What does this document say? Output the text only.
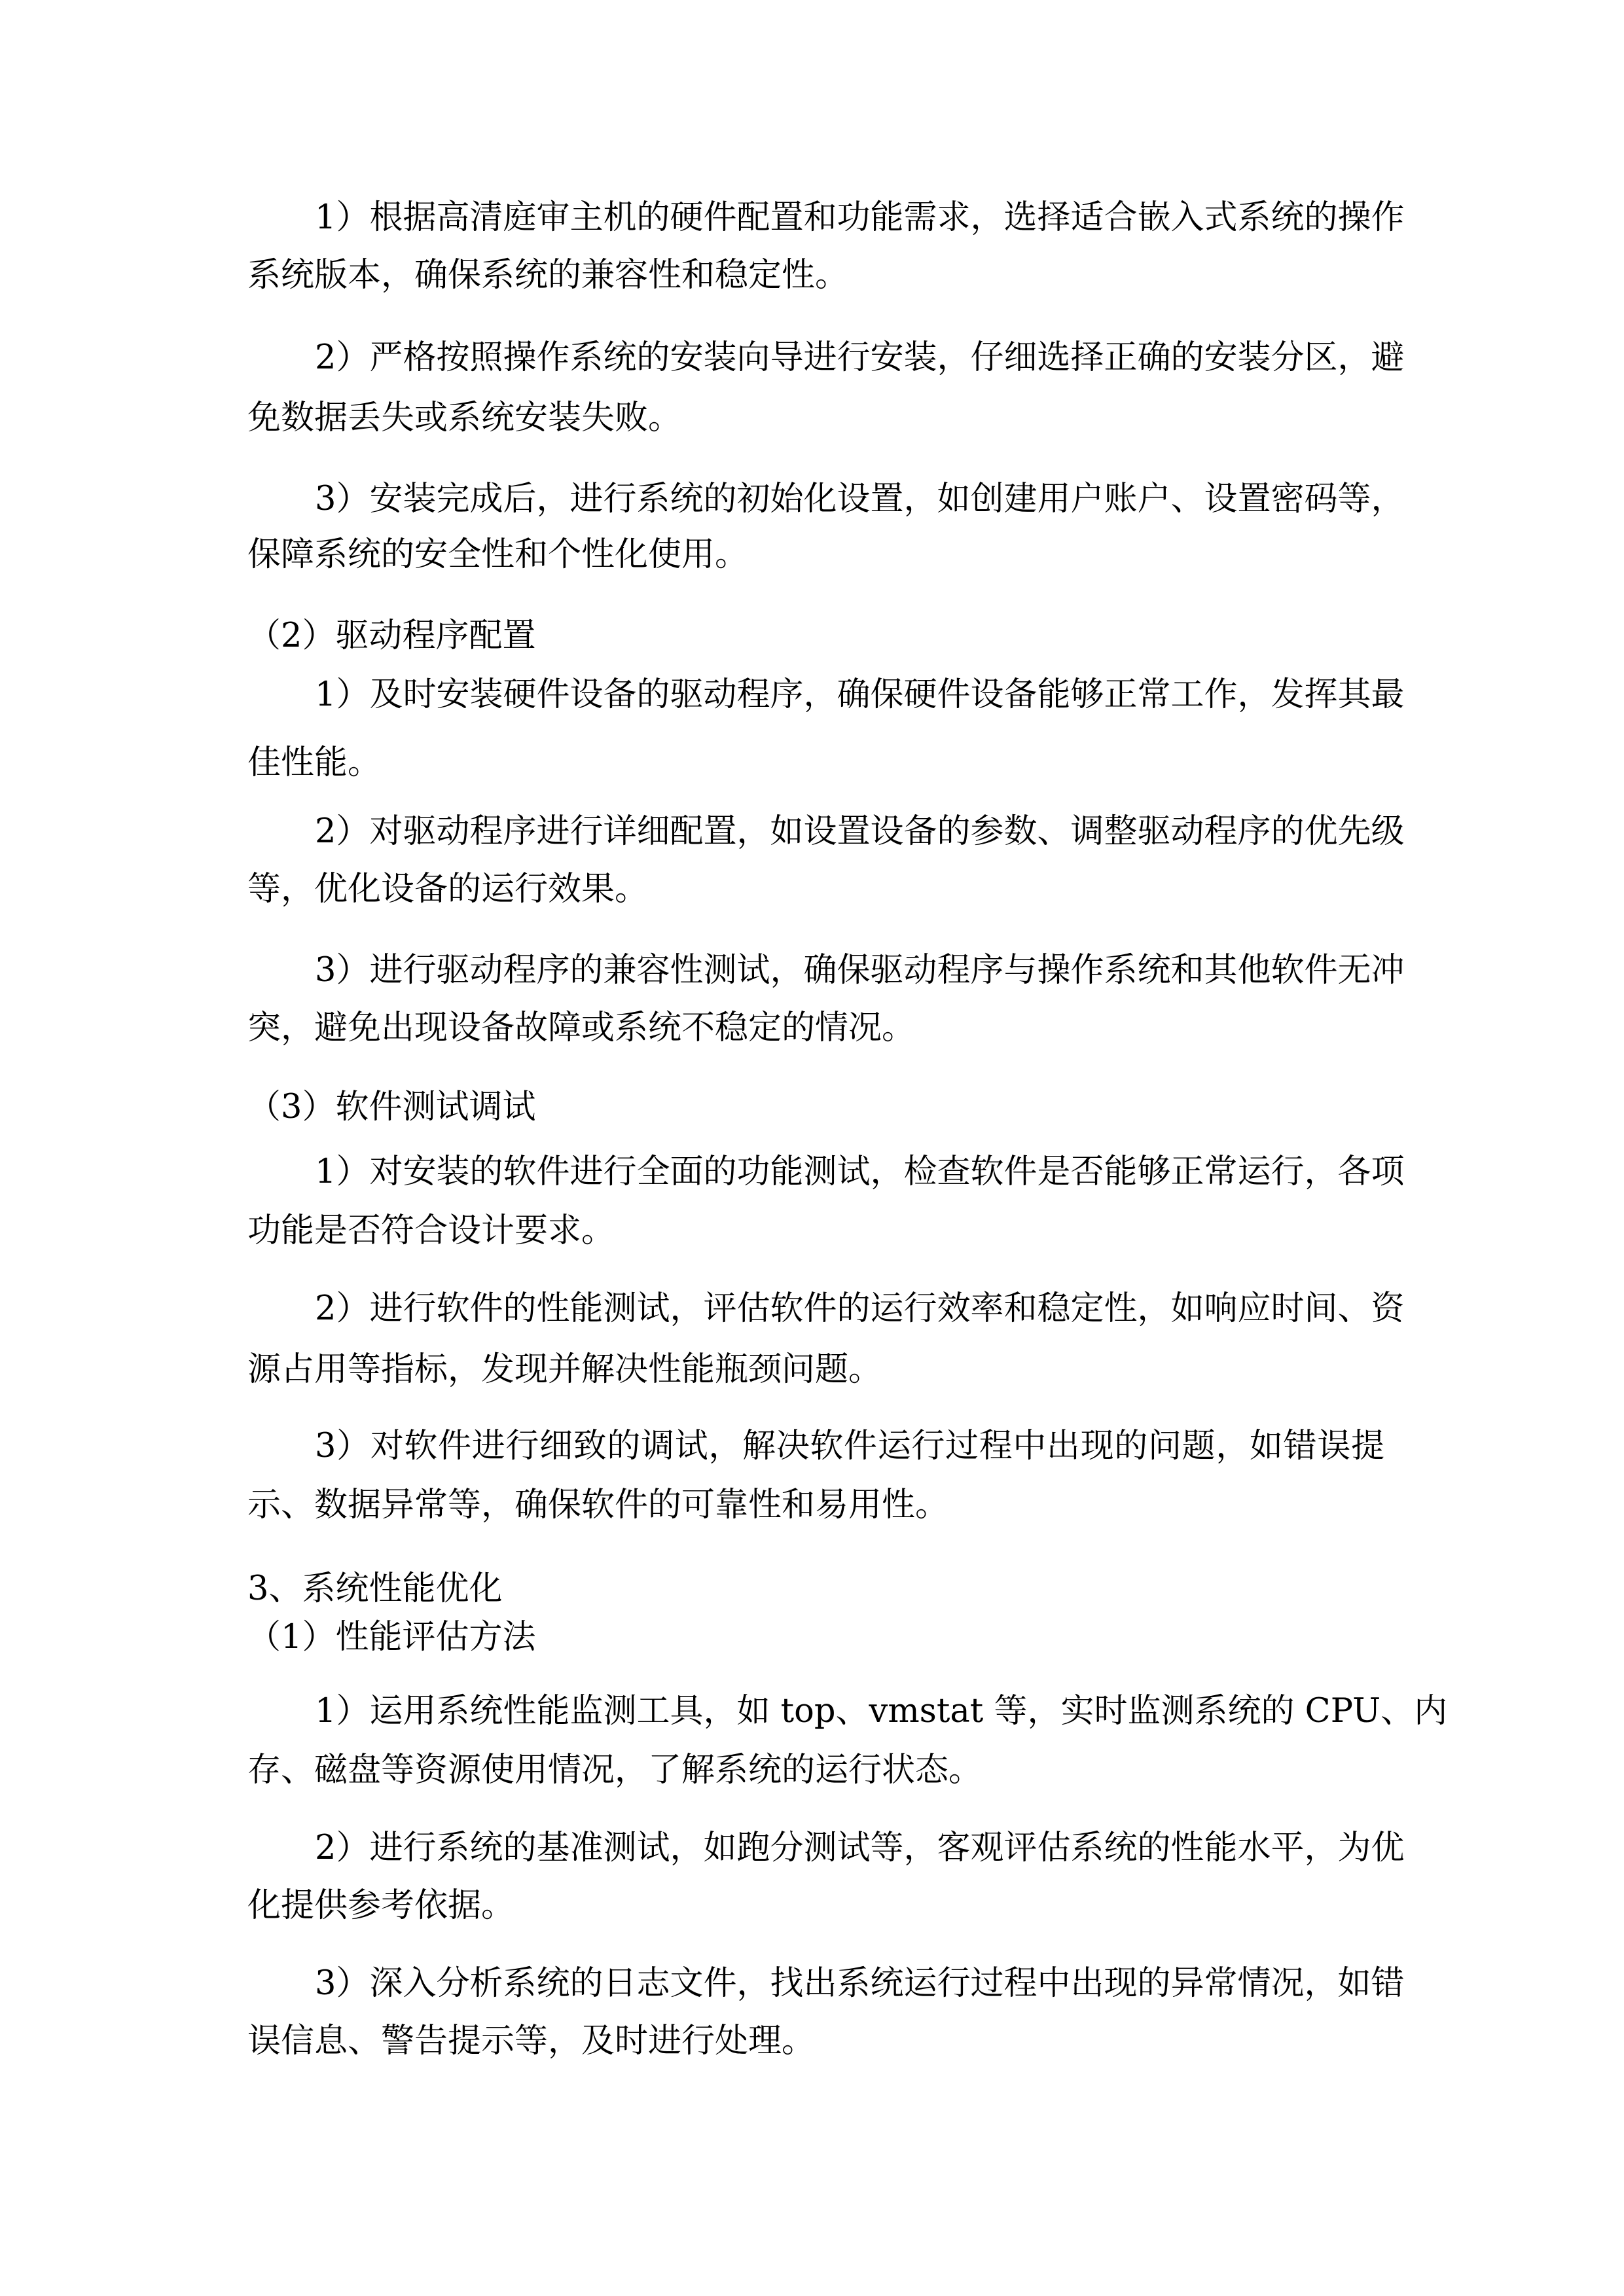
1）根据高清庭审主机的硬件配置和功能需求，选择适合嵌入式系统的操作
系统版本，确保系统的兼容性和稳定性。
2）严格按照操作系统的安装向导进行安装，仔细选择正确的安装分区，避
免数据丢失或系统安装失败。
3）安装完成后，进行系统的初始化设置，如创建用户账户、设置密码等，
保障系统的安全性和个性化使用。
（2）驱动程序配置
1）及时安装硬件设备的驱动程序，确保硬件设备能够正常工作，发挥其最
佳性能。
2）对驱动程序进行详细配置，如设置设备的参数、调整驱动程序的优先级
等，优化设备的运行效果。
3）进行驱动程序的兼容性测试，确保驱动程序与操作系统和其他软件无冲
突，避免出现设备故障或系统不稳定的情况。
（3）软件测试调试
1）对安装的软件进行全面的功能测试，检查软件是否能够正常运行，各项
功能是否符合设计要求。
2）进行软件的性能测试，评估软件的运行效率和稳定性，如响应时间、资
源占用等指标，发现并解决性能瓶颈问题。
3）对软件进行细致的调试，解决软件运行过程中出现的问题，如错误提
示、数据异常等，确保软件的可靠性和易用性。
3、系统性能优化
（1）性能评估方法
1）运用系统性能监测工具，如 top、vmstat 等，实时监测系统的 CPU、内
存、磁盘等资源使用情况，了解系统的运行状态。
2）进行系统的基准测试，如跑分测试等，客观评估系统的性能水平，为优
化提供参考依据。
3）深入分析系统的日志文件，找出系统运行过程中出现的异常情况，如错
误信息、警告提示等，及时进行处理。
